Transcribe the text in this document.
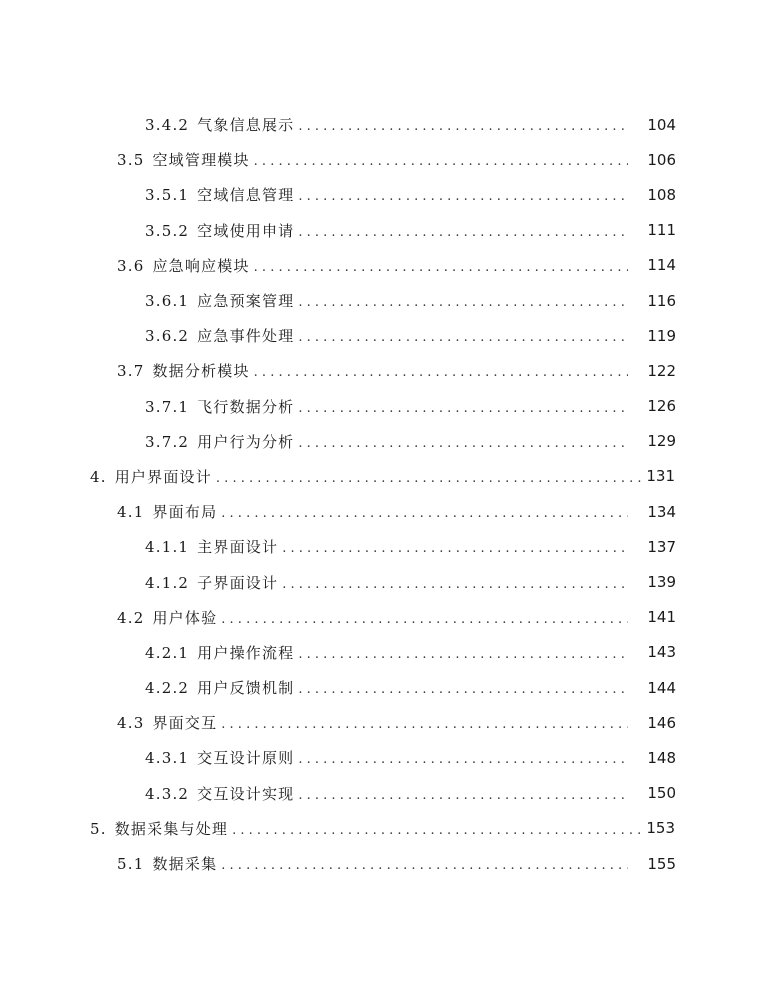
3.4.2 气象信息展示 . . .	104
3.5 空域管理模块 . . .	106
3.5.1 空域信息管理 . . .	108
3.5.2 空域使用申请 . . .	111
3.6 应急响应模块 . . .	114
3.6.1 应急预案管理 . . .	116
3.6.2 应急事件处理 . . .	119
3.7 数据分析模块 . . .	122
3.7.1 飞行数据分析 . . .	126
3.7.2 用户行为分析 . . .	129
4. 用户界面设计 . . .	131
4.1 界面布局 . . .	134
4.1.1 主界面设计 . . .	137
4.1.2 子界面设计 . . .	139
4.2 用户体验 . . .	141
4.2.1 用户操作流程 . . .	143
4.2.2 用户反馈机制 . . .	144
4.3 界面交互 . . .	146
4.3.1 交互设计原则 . . .	148
4.3.2 交互设计实现 . . .	150
5. 数据采集与处理 . . .	153
5.1 数据采集 . . .	155
